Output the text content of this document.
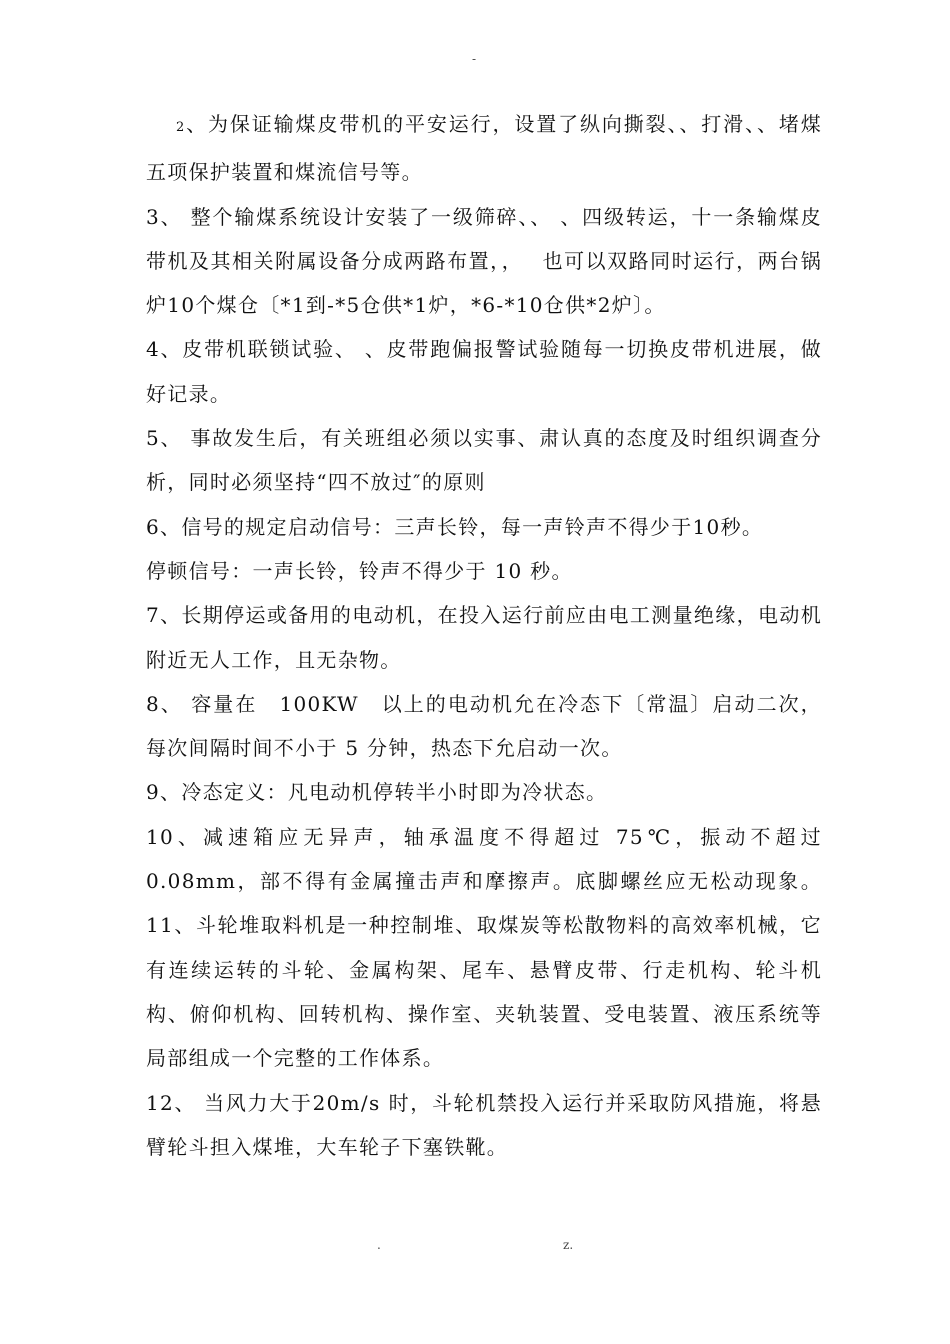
-

2、为保证输煤皮带机的平安运行，设置了纵向撕裂、、打滑、、堵煤五项保护装置和煤流信号等。

3、 整个输煤系统设计安装了一级筛碎、、 、四级转运，十一条输煤皮带机及其相关附属设备分成两路布置，，　 也可以双路同时运行，两台锅炉10个煤仓〔*1到-*5仓供*1炉，*6-*10仓供*2炉〕。

4、皮带机联锁试验、 、皮带跑偏报警试验随每一切换皮带机进展，做好记录。

5、 事故发生后，有关班组必须以实事、肃认真的态度及时组织调查分析，同时必须坚持“四不放过″的原则

6、信号的规定启动信号：三声长铃，每一声铃声不得少于10秒。

停顿信号：一声长铃，铃声不得少于 10 秒。

7、长期停运或备用的电动机，在投入运行前应由电工测量绝缘，电动机附近无人工作，且无杂物。

8、 容量在　100KW　以上的电动机允在冷态下〔常温〕启动二次，每次间隔时间不小于 5 分钟，热态下允启动一次。

9、冷态定义：凡电动机停转半小时即为冷状态。

10、减速箱应无异声，轴承温度不得超过 75℃，振动不超过 0.08mm，部不得有金属撞击声和摩擦声。底脚螺丝应无松动现象。11、斗轮堆取料机是一种控制堆、取煤炭等松散物料的高效率机械，它有连续运转的斗轮、金属构架、尾车、悬臂皮带、行走机构、轮斗机构、俯仰机构、回转机构、操作室、夹轨装置、受电装置、液压系统等局部组成一个完整的工作体系。

12、 当风力大于20m/s 时，斗轮机禁投入运行并采取防风措施，将悬臂轮斗担入煤堆，大车轮子下塞铁靴。

.	z.
